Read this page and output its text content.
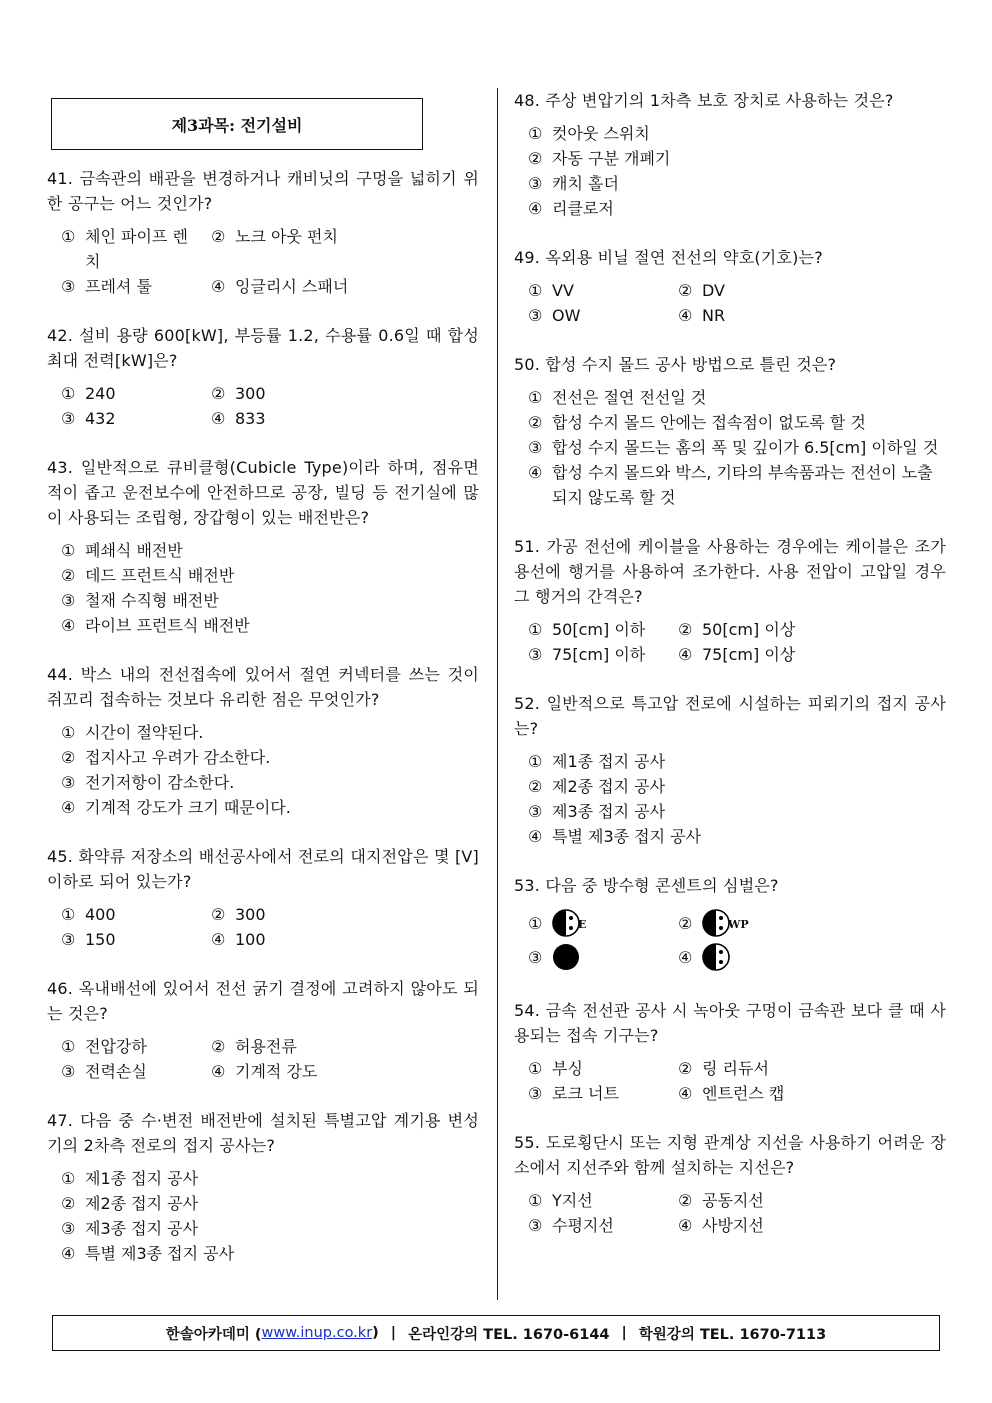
제3과목: 전기설비
41. 금속관의 배관을 변경하거나 캐비닛의 구멍을 넓히기 위한 공구는 어느 것인가?
① 체인 파이프 렌치
② 노크 아웃 펀치
③ 프레셔 툴	④ 잉글리시 스패너
42. 설비 용량 600[kW], 부등률 1.2, 수용률 0.6일 때 합성 최대 전력[kW]은?
① 240	② 300
③ 432	④ 833
43. 일반적으로 큐비클형(Cubicle Type)이라 하며, 점유면적이 좁고 운전보수에 안전하므로 공장, 빌딩 등 전기실에 많이 사용되는 조립형, 장갑형이 있는 배전반은?
① 폐쇄식 배전반
② 데드 프런트식 배전반
③ 철재 수직형 배전반
④ 라이브 프런트식 배전반
44. 박스 내의 전선접속에 있어서 절연 커넥터를 쓰는 것이 쥐꼬리 접속하는 것보다 유리한 점은 무엇인가?
① 시간이 절약된다.
② 접지사고 우려가 감소한다.
③ 전기저항이 감소한다.
④ 기계적 강도가 크기 때문이다.
45. 화약류 저장소의 배선공사에서 전로의 대지전압은 몇 [V] 이하로 되어 있는가?
① 400	② 300
③ 150	④ 100
46. 옥내배선에 있어서 전선 굵기 결정에 고려하지 않아도 되는 것은?
① 전압강하	② 허용전류
③ 전력손실	④ 기계적 강도
47. 다음 중 수·변전 배전반에 설치된 특별고압 계기용 변성기의 2차측 전로의 접지 공사는?
① 제1종 접지 공사
② 제2종 접지 공사
③ 제3종 접지 공사
④ 특별 제3종 접지 공사
48. 주상 변압기의 1차측 보호 장치로 사용하는 것은?
① 컷아웃 스위치
② 자동 구분 개폐기
③ 캐치 홀더
④ 리클로저
49. 옥외용 비닐 절연 전선의 약호(기호)는?
① VV	② DV
③ OW	④ NR
50. 합성 수지 몰드 공사 방법으로 틀린 것은?
① 전선은 절연 전선일 것
② 합성 수지 몰드 안에는 접속점이 없도록 할 것
③ 합성 수지 몰드는 홈의 폭 및 깊이가 6.5[cm] 이하일 것
④ 합성 수지 몰드와 박스, 기타의 부속품과는 전선이 노출되지 않도록 할 것
51. 가공 전선에 케이블을 사용하는 경우에는 케이블은 조가용선에 행거를 사용하여 조가한다. 사용 전압이 고압일 경우 그 행거의 간격은?
① 50[cm] 이하	② 50[cm] 이상
③ 75[cm] 이하	④ 75[cm] 이상
52. 일반적으로 특고압 전로에 시설하는 피뢰기의 접지 공사는?
① 제1종 접지 공사
② 제2종 접지 공사
③ 제3종 접지 공사
④ 특별 제3종 접지 공사
53. 다음 중 방수형 콘센트의 심벌은?
①	E	②	WP
③	④
54. 금속 전선관 공사 시 녹아웃 구멍이 금속관 보다 클 때 사용되는 접속 기구는?
① 부싱	② 링 리듀서
③ 로크 너트	④ 엔트런스 캡
55. 도로횡단시 또는 지형 관계상 지선을 사용하기 어려운 장소에서 지선주와 함께 설치하는 지선은?
① Y지선	② 공동지선
③ 수평지선	④ 사방지선
한솔아카데미 ( www.inup.co.kr ) | 온라인강의 TEL. 1670-6144 | 학원강의 TEL. 1670-7113
